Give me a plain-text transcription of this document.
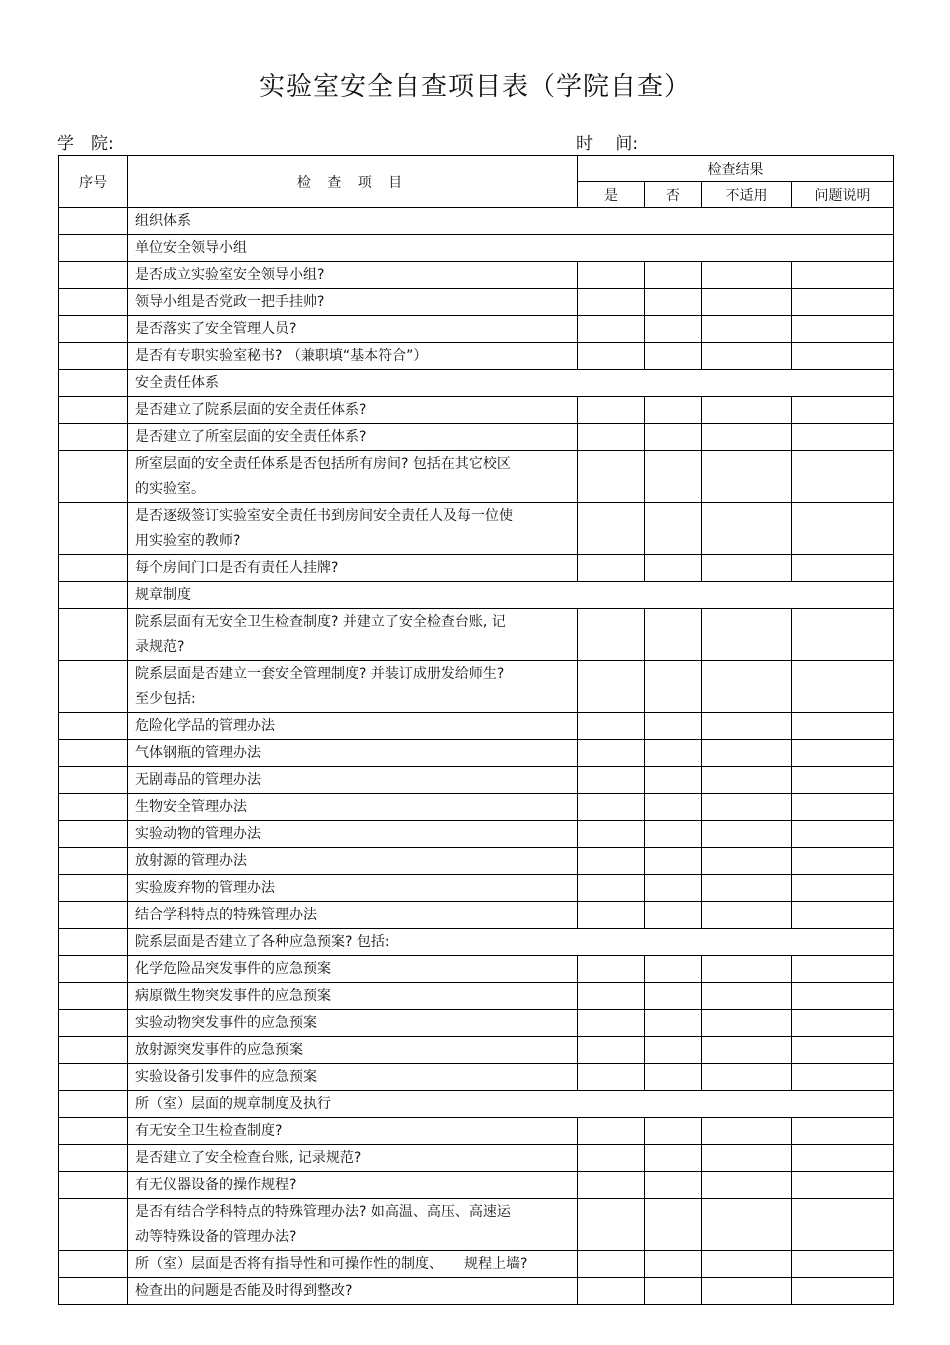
实验室安全自查项目表（学院自查）
学　院:	时　 间:
序号	检 查 项 目	检查结果			
		是	否	不适用	问题说明
	组织体系				
	单位安全领导小组				
	是否成立实验室安全领导小组?				
	领导小组是否党政一把手挂帅?				
	是否落实了安全管理人员?				
	是否有专职实验室秘书? （兼职填“基本符合”）				
	安全责任体系				
	是否建立了院系层面的安全责任体系?				
	是否建立了所室层面的安全责任体系?				
	所室层面的安全责任体系是否包括所有房间? 包括在其它校区的实验室。				
	是否逐级签订实验室安全责任书到房间安全责任人及每一位使用实验室的教师?				
	每个房间门口是否有责任人挂牌?				
	规章制度				
	院系层面有无安全卫生检查制度? 并建立了安全检查台账, 记录规范?				
	院系层面是否建立一套安全管理制度? 并装订成册发给师生? 至少包括:				
	危险化学品的管理办法				
	气体钢瓶的管理办法				
	无剧毒品的管理办法				
	生物安全管理办法				
	实验动物的管理办法				
	放射源的管理办法				
	实验废弃物的管理办法				
	结合学科特点的特殊管理办法				
	院系层面是否建立了各种应急预案? 包括:				
	化学危险品突发事件的应急预案				
	病原微生物突发事件的应急预案				
	实验动物突发事件的应急预案				
	放射源突发事件的应急预案				
	实验设备引发事件的应急预案				
	所（室）层面的规章制度及执行				
	有无安全卫生检查制度?				
	是否建立了安全检查台账, 记录规范?				
	有无仪器设备的操作规程?				
	是否有结合学科特点的特殊管理办法? 如高温、高压、高速运动等特殊设备的管理办法?				
	所（室）层面是否将有指导性和可操作性的制度、　　规程上墙?				
	检查出的问题是否能及时得到整改?				
